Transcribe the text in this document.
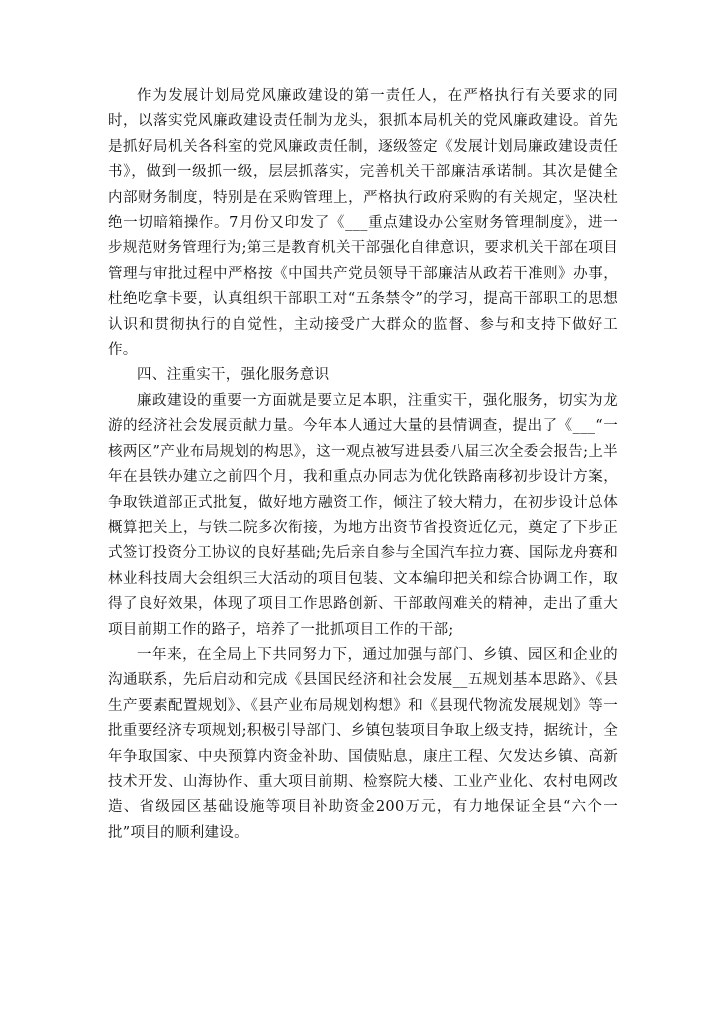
作为发展计划局党风廉政建设的第一责任人，在严格执行有关要求的同时，以落实党风廉政建设责任制为龙头，狠抓本局机关的党风廉政建设。首先是抓好局机关各科室的党风廉政责任制，逐级签定《发展计划局廉政建设责任书》，做到一级抓一级，层层抓落实，完善机关干部廉洁承诺制。其次是健全内部财务制度，特别是在采购管理上，严格执行政府采购的有关规定，坚决杜绝一切暗箱操作。7月份又印发了《___重点建设办公室财务管理制度》，进一步规范财务管理行为;第三是教育机关干部强化自律意识，要求机关干部在项目管理与审批过程中严格按《中国共产党员领导干部廉洁从政若干准则》办事，杜绝吃拿卡要，认真组织干部职工对“五条禁令”的学习，提高干部职工的思想认识和贯彻执行的自觉性，主动接受广大群众的监督、参与和支持下做好工作。

四、注重实干，强化服务意识

廉政建设的重要一方面就是要立足本职，注重实干，强化服务，切实为龙游的经济社会发展贡献力量。今年本人通过大量的县情调查，提出了《___“一核两区”产业布局规划的构思》，这一观点被写进县委八届三次全委会报告;上半年在县铁办建立之前四个月，我和重点办同志为优化铁路南移初步设计方案，争取铁道部正式批复，做好地方融资工作，倾注了较大精力，在初步设计总体概算把关上，与铁二院多次衔接，为地方出资节省投资近亿元，奠定了下步正式签订投资分工协议的良好基础;先后亲自参与全国汽车拉力赛、国际龙舟赛和林业科技周大会组织三大活动的项目包装、文本编印把关和综合协调工作，取得了良好效果，体现了项目工作思路创新、干部敢闯难关的精神，走出了重大项目前期工作的路子，培养了一批抓项目工作的干部;

一年来，在全局上下共同努力下，通过加强与部门、乡镇、园区和企业的沟通联系，先后启动和完成《县国民经济和社会发展__五规划基本思路》、《县生产要素配置规划》、《县产业布局规划构想》和《县现代物流发展规划》等一批重要经济专项规划;积极引导部门、乡镇包装项目争取上级支持，据统计，全年争取国家、中央预算内资金补助、国债贴息，康庄工程、欠发达乡镇、高新技术开发、山海协作、重大项目前期、检察院大楼、工业产业化、农村电网改造、省级园区基础设施等项目补助资金200万元，有力地保证全县“六个一批”项目的顺利建设。
